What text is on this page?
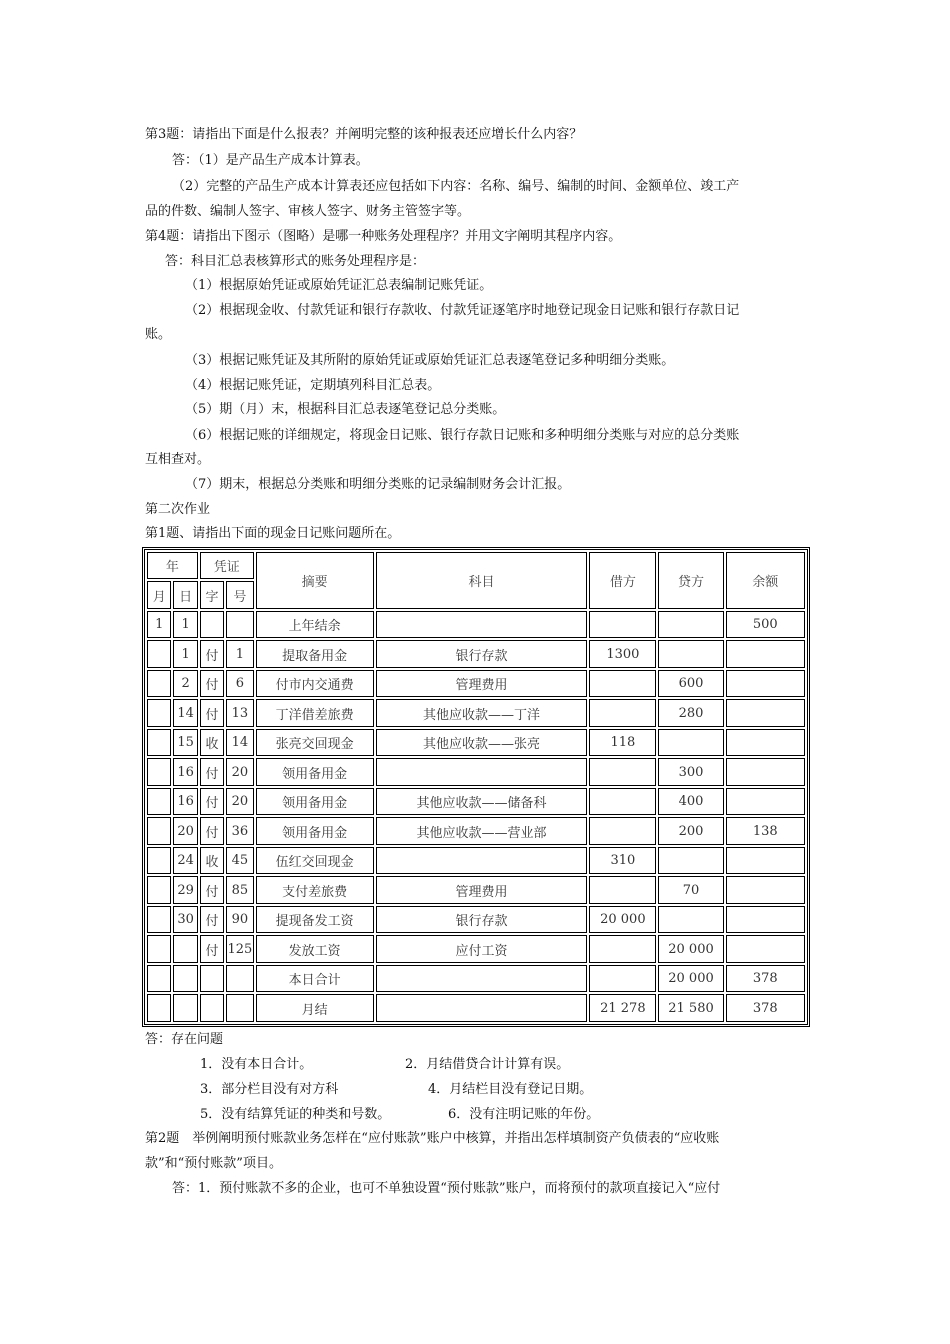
第3题：请指出下面是什么报表？并阐明完整的该种报表还应增长什么内容？
答：（1）是产品生产成本计算表。
（2）完整的产品生产成本计算表还应包括如下内容：名称、编号、编制的时间、金额单位、竣工产
品的件数、编制人签字、审核人签字、财务主管签字等。
第4题：请指出下图示（图略）是哪一种账务处理程序？并用文字阐明其程序内容。
答：科目汇总表核算形式的账务处理程序是：
（1）根据原始凭证或原始凭证汇总表编制记账凭证。
（2）根据现金收、付款凭证和银行存款收、付款凭证逐笔序时地登记现金日记账和银行存款日记
账。
（3）根据记账凭证及其所附的原始凭证或原始凭证汇总表逐笔登记多种明细分类账。
（4）根据记账凭证，定期填列科目汇总表。
（5）期（月）末，根据科目汇总表逐笔登记总分类账。
（6）根据记账的详细规定，将现金日记账、银行存款日记账和多种明细分类账与对应的总分类账
互相查对。
（7）期末，根据总分类账和明细分类账的记录编制财务会计汇报。
第二次作业
第1题、请指出下面的现金日记账问题所在。
年		凭证		摘要	科目	借方	贷方	余额
月	日	字	号					
1	1			上年结余				500
	1	付	1	提取备用金	银行存款	1300		
	2	付	6	付市内交通费	管理费用		600	
	14	付	13	丁洋借差旅费	其他应收款——丁洋		280	
	15	收	14	张亮交回现金	其他应收款——张亮	118		
	16	付	20	领用备用金			300	
	16	付	20	领用备用金	其他应收款——储备科		400	
	20	付	36	领用备用金	其他应收款——营业部		200	138
	24	收	45	伍红交回现金		310		
	29	付	85	支付差旅费	管理费用		70	
	30	付	90	提现备发工资	银行存款	20 000		
		付	125	发放工资	应付工资		20 000	
				本日合计			20 000	378
				月结		21 278	21 580	378
答：存在问题
1．没有本日合计。	2．月结借贷合计计算有误。
3．部分栏目没有对方科	4．月结栏目没有登记日期。
5．没有结算凭证的种类和号数。	6．没有注明记账的年份。
第2题　举例阐明预付账款业务怎样在“应付账款”账户中核算，并指出怎样填制资产负债表的“应收账
款”和“预付账款”项目。
答：1．预付账款不多的企业，也可不单独设置“预付账款”账户，而将预付的款项直接记入“应付
